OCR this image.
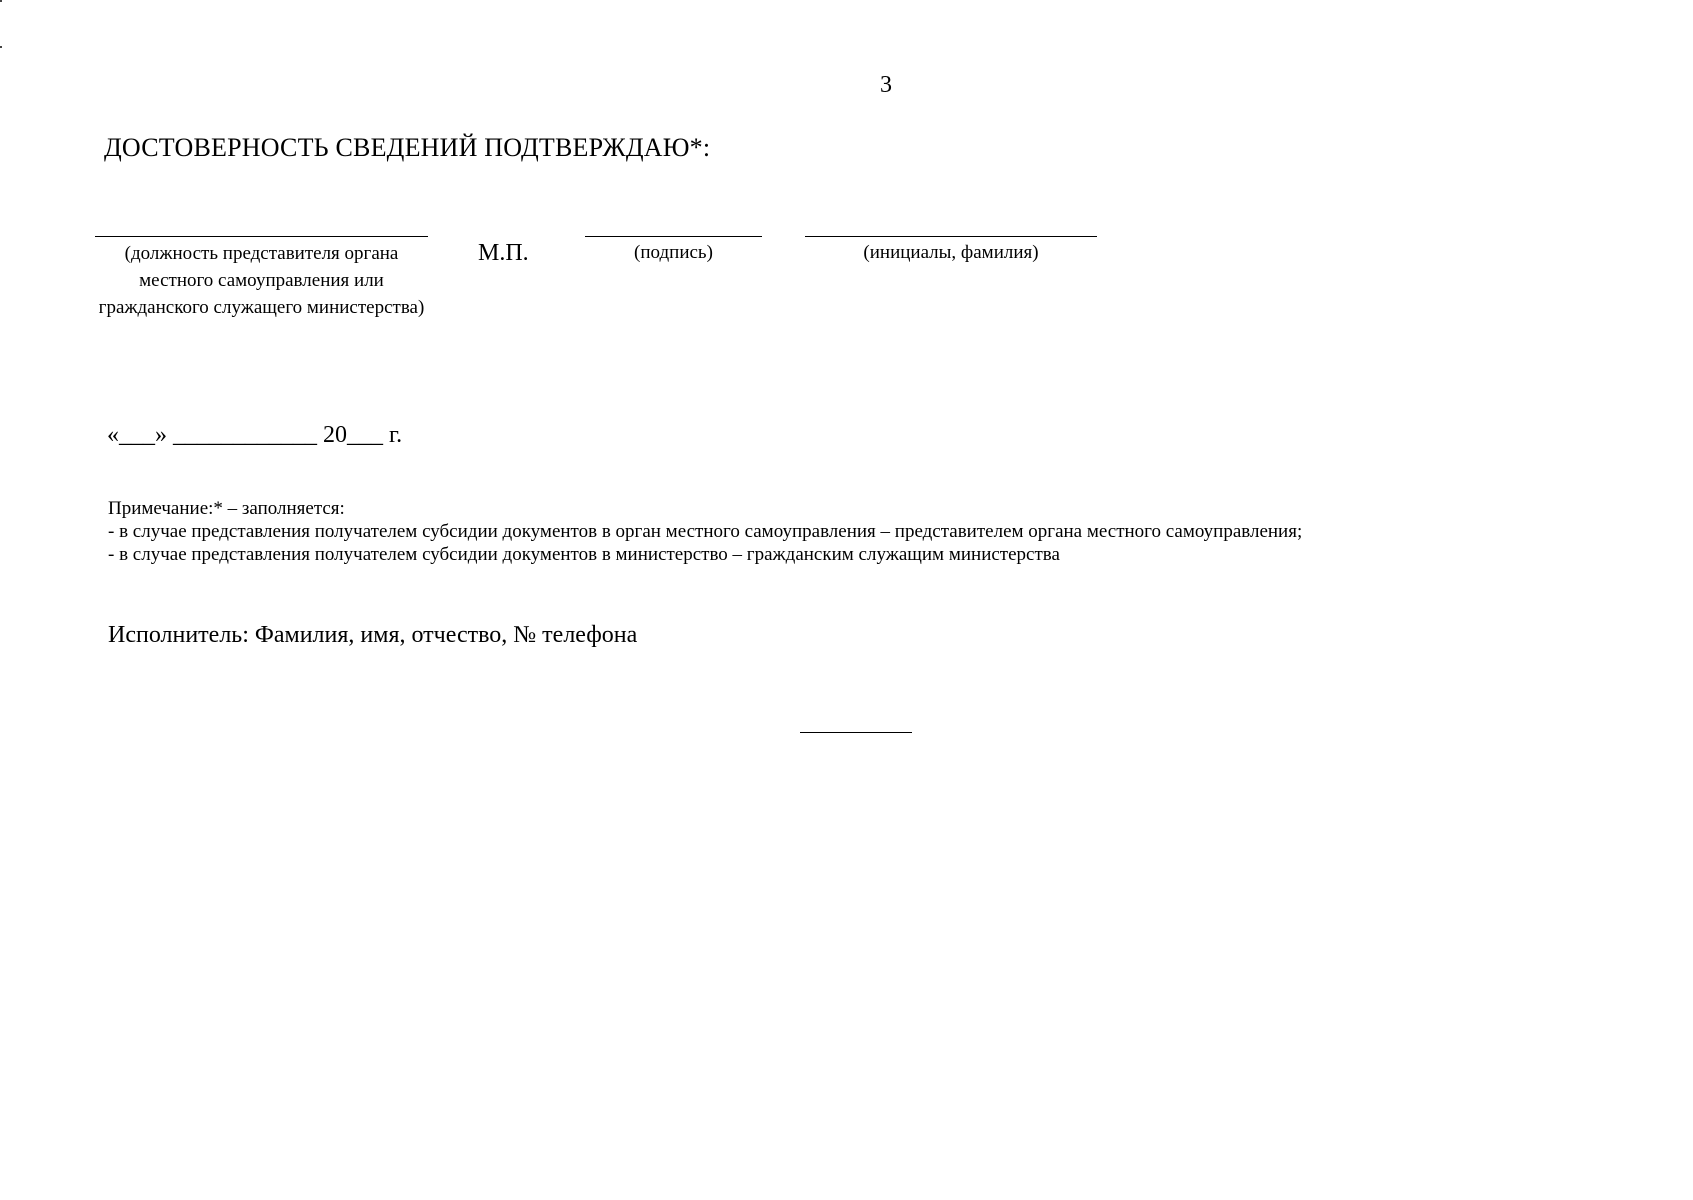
3
ДОСТОВЕРНОСТЬ СВЕДЕНИЙ ПОДТВЕРЖДАЮ*:
(должность представителя органа местного самоуправления или гражданского служащего министерства)
М.П.	(подпись)	(инициалы, фамилия)
«___» ____________ 20___ г.
Примечание:* – заполняется:
- в случае представления получателем субсидии документов в орган местного самоуправления – представителем органа местного самоуправления;
- в случае представления получателем субсидии документов в министерство – гражданским служащим министерства
Исполнитель: Фамилия, имя, отчество, № телефона
